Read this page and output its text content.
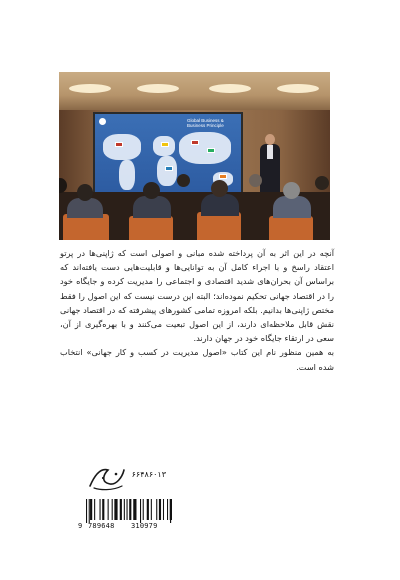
Global Business & Business Principle

آنچه در این اثر به آن پرداخته شده مبانی و اصولی است که ژاپنی‌ها در پرتو اعتقاد راسخ و با اجراء کامل آن به توانایی‌ها و قابلیت‌هایی دست یافته‌اند که براساس آن بحران‌های شدید اقتصادی و اجتماعی را مدیریت کرده و جایگاه خود را در اقتصاد جهانی تحکیم نموده‌اند؛ البته این درست نیست که این اصول را فقط مختص ژاپنی‌ها بدانیم. بلکه امروزه تمامی کشورهای پیشرفته که در اقتصاد جهانی نقش قابل ملاحظه‌ای دارند، از این اصول تبعیت می‌کنند و با بهره‌گیری از آن، سعی در ارتقاء جایگاه خود در جهان دارند.

به همین منظور نام این کتاب «اصول مدیریت در کسب و کار جهانی» انتخاب شده است.

۶۶۴۸۶۰۱۳
9 789648 310979
